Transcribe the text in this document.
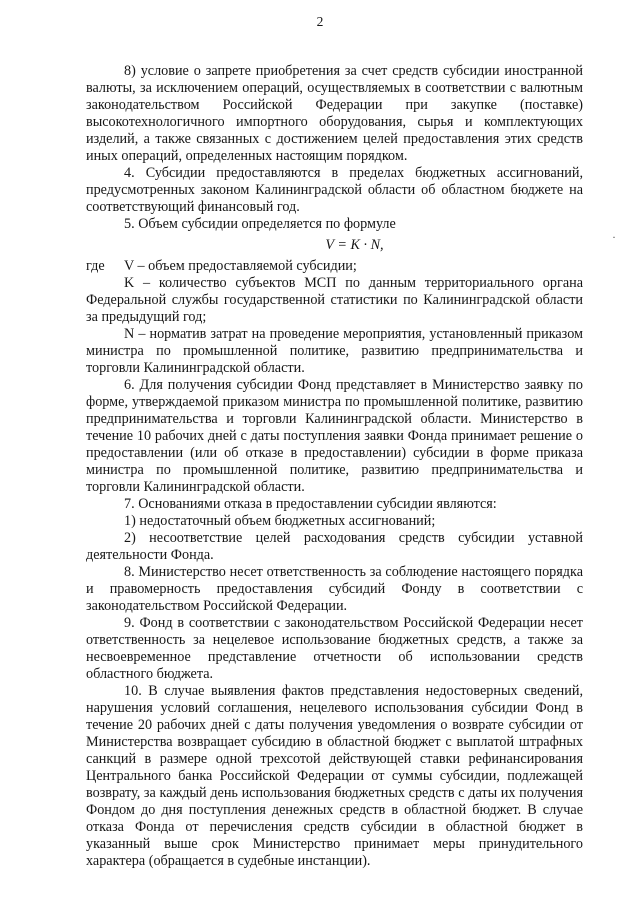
2

8) условие о запрете приобретения за счет средств субсидии иностранной валюты, за исключением операций, осуществляемых в соответствии с валютным законодательством Российской Федерации при закупке (поставке) высокотехнологичного импортного оборудования, сырья и комплектующих изделий, а также связанных с достижением целей предоставления этих средств иных операций, определенных настоящим порядком.

4. Субсидии предоставляются в пределах бюджетных ассигнований, предусмотренных законом Калининградской области об областном бюджете на соответствующий финансовый год.

5. Объем субсидии определяется по формуле

V = K · N,

где V – объем предоставляемой субсидии;

K – количество субъектов МСП по данным территориального органа Федеральной службы государственной статистики по Калининградской области за предыдущий год;

N – норматив затрат на проведение мероприятия, установленный приказом министра по промышленной политике, развитию предпринимательства и торговли Калининградской области.

6. Для получения субсидии Фонд представляет в Министерство заявку по форме, утверждаемой приказом министра по промышленной политике, развитию предпринимательства и торговли Калининградской области. Министерство в течение 10 рабочих дней с даты поступления заявки Фонда принимает решение о предоставлении (или об отказе в предоставлении) субсидии в форме приказа министра по промышленной политике, развитию предпринимательства и торговли Калининградской области.

7. Основаниями отказа в предоставлении субсидии являются:

1) недостаточный объем бюджетных ассигнований;

2) несоответствие целей расходования средств субсидии уставной деятельности Фонда.

8. Министерство несет ответственность за соблюдение настоящего порядка и правомерность предоставления субсидий Фонду в соответствии с законодательством Российской Федерации.

9. Фонд в соответствии с законодательством Российской Федерации несет ответственность за нецелевое использование бюджетных средств, а также за несвоевременное представление отчетности об использовании средств областного бюджета.

10. В случае выявления фактов представления недостоверных сведений, нарушения условий соглашения, нецелевого использования субсидии Фонд в течение 20 рабочих дней с даты получения уведомления о возврате субсидии от Министерства возвращает субсидию в областной бюджет с выплатой штрафных санкций в размере одной трехсотой действующей ставки рефинансирования Центрального банка Российской Федерации от суммы субсидии, подлежащей возврату, за каждый день использования бюджетных средств с даты их получения Фондом до дня поступления денежных средств в областной бюджет. В случае отказа Фонда от перечисления средств субсидии в областной бюджет в указанный выше срок Министерство принимает меры принудительного характера (обращается в судебные инстанции).

·
